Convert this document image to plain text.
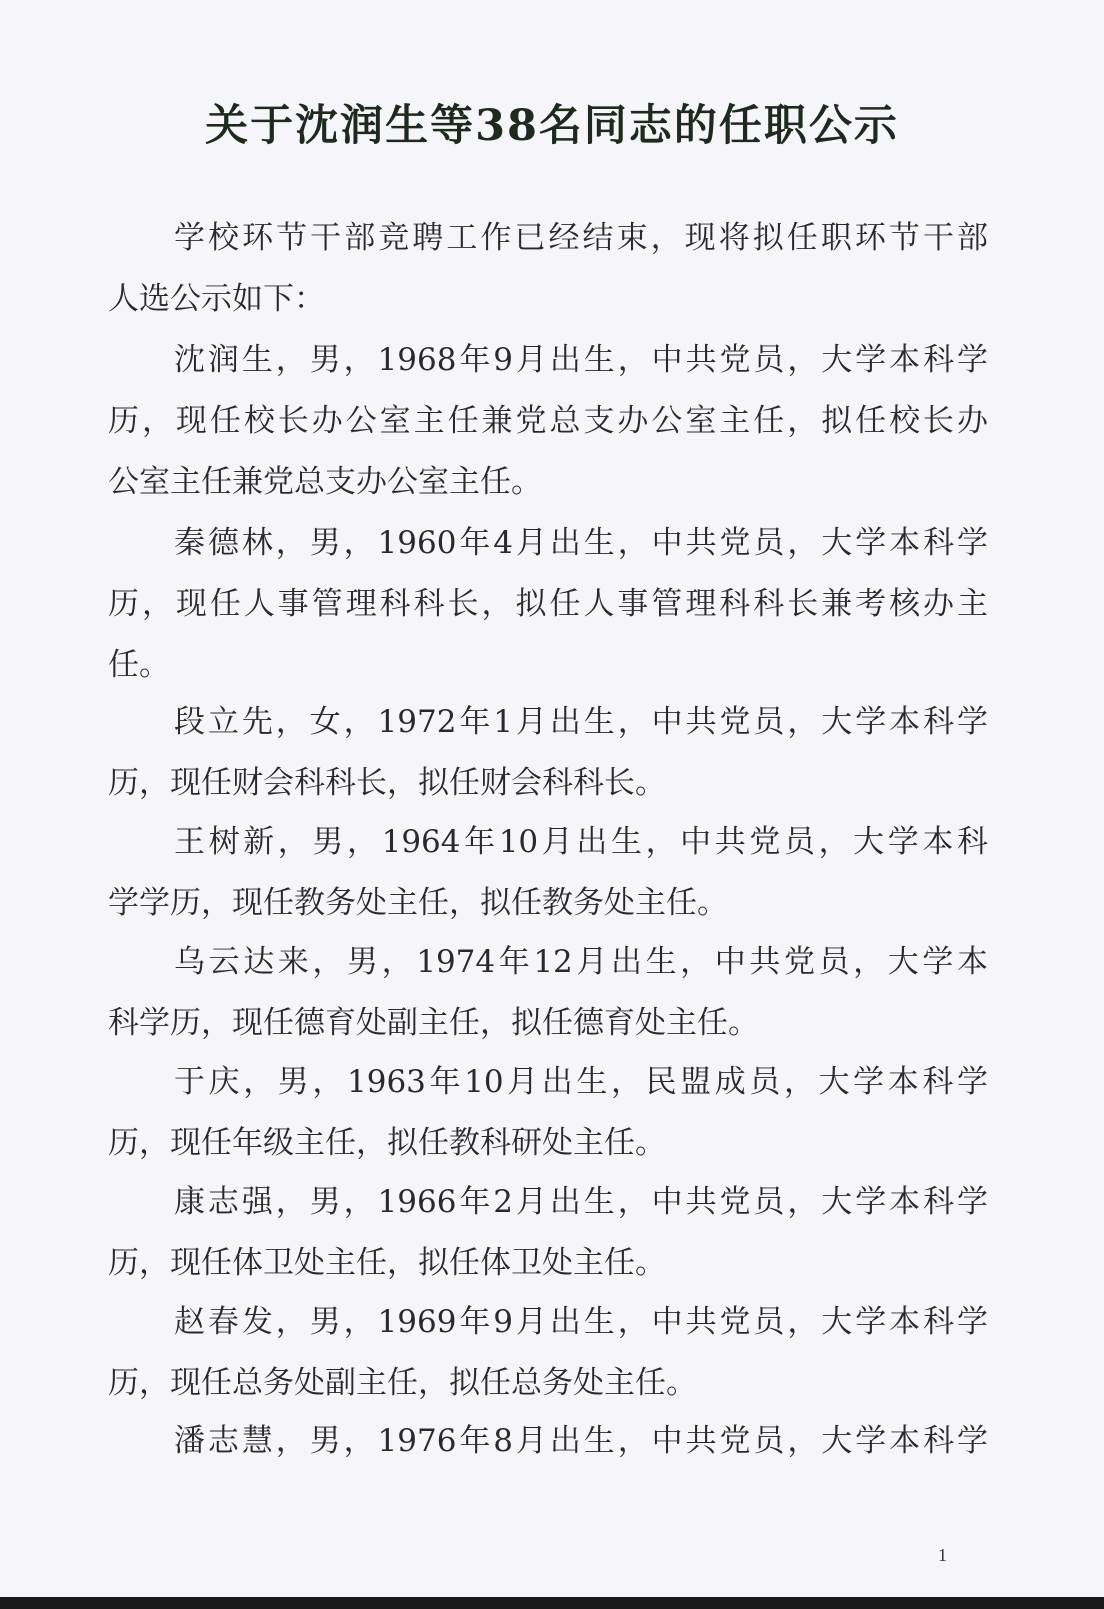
关于沈润生等38名同志的任职公示
学校环节干部竞聘工作已经结束，现将拟任职环节干部
人选公示如下：
沈润生，男，1968年9月出生，中共党员，大学本科学
历，现任校长办公室主任兼党总支办公室主任，拟任校长办
公室主任兼党总支办公室主任。
秦德林，男，1960年4月出生，中共党员，大学本科学
历，现任人事管理科科长，拟任人事管理科科长兼考核办主
任。
段立先，女，1972年1月出生，中共党员，大学本科学
历，现任财会科科长，拟任财会科科长。
王树新，男，1964年10月出生，中共党员，大学本科
学学历，现任教务处主任，拟任教务处主任。
乌云达来，男，1974年12月出生，中共党员，大学本
科学历，现任德育处副主任，拟任德育处主任。
于庆，男，1963年10月出生，民盟成员，大学本科学
历，现任年级主任，拟任教科研处主任。
康志强，男，1966年2月出生，中共党员，大学本科学
历，现任体卫处主任，拟任体卫处主任。
赵春发，男，1969年9月出生，中共党员，大学本科学
历，现任总务处副主任，拟任总务处主任。
潘志慧，男，1976年8月出生，中共党员，大学本科学
1
